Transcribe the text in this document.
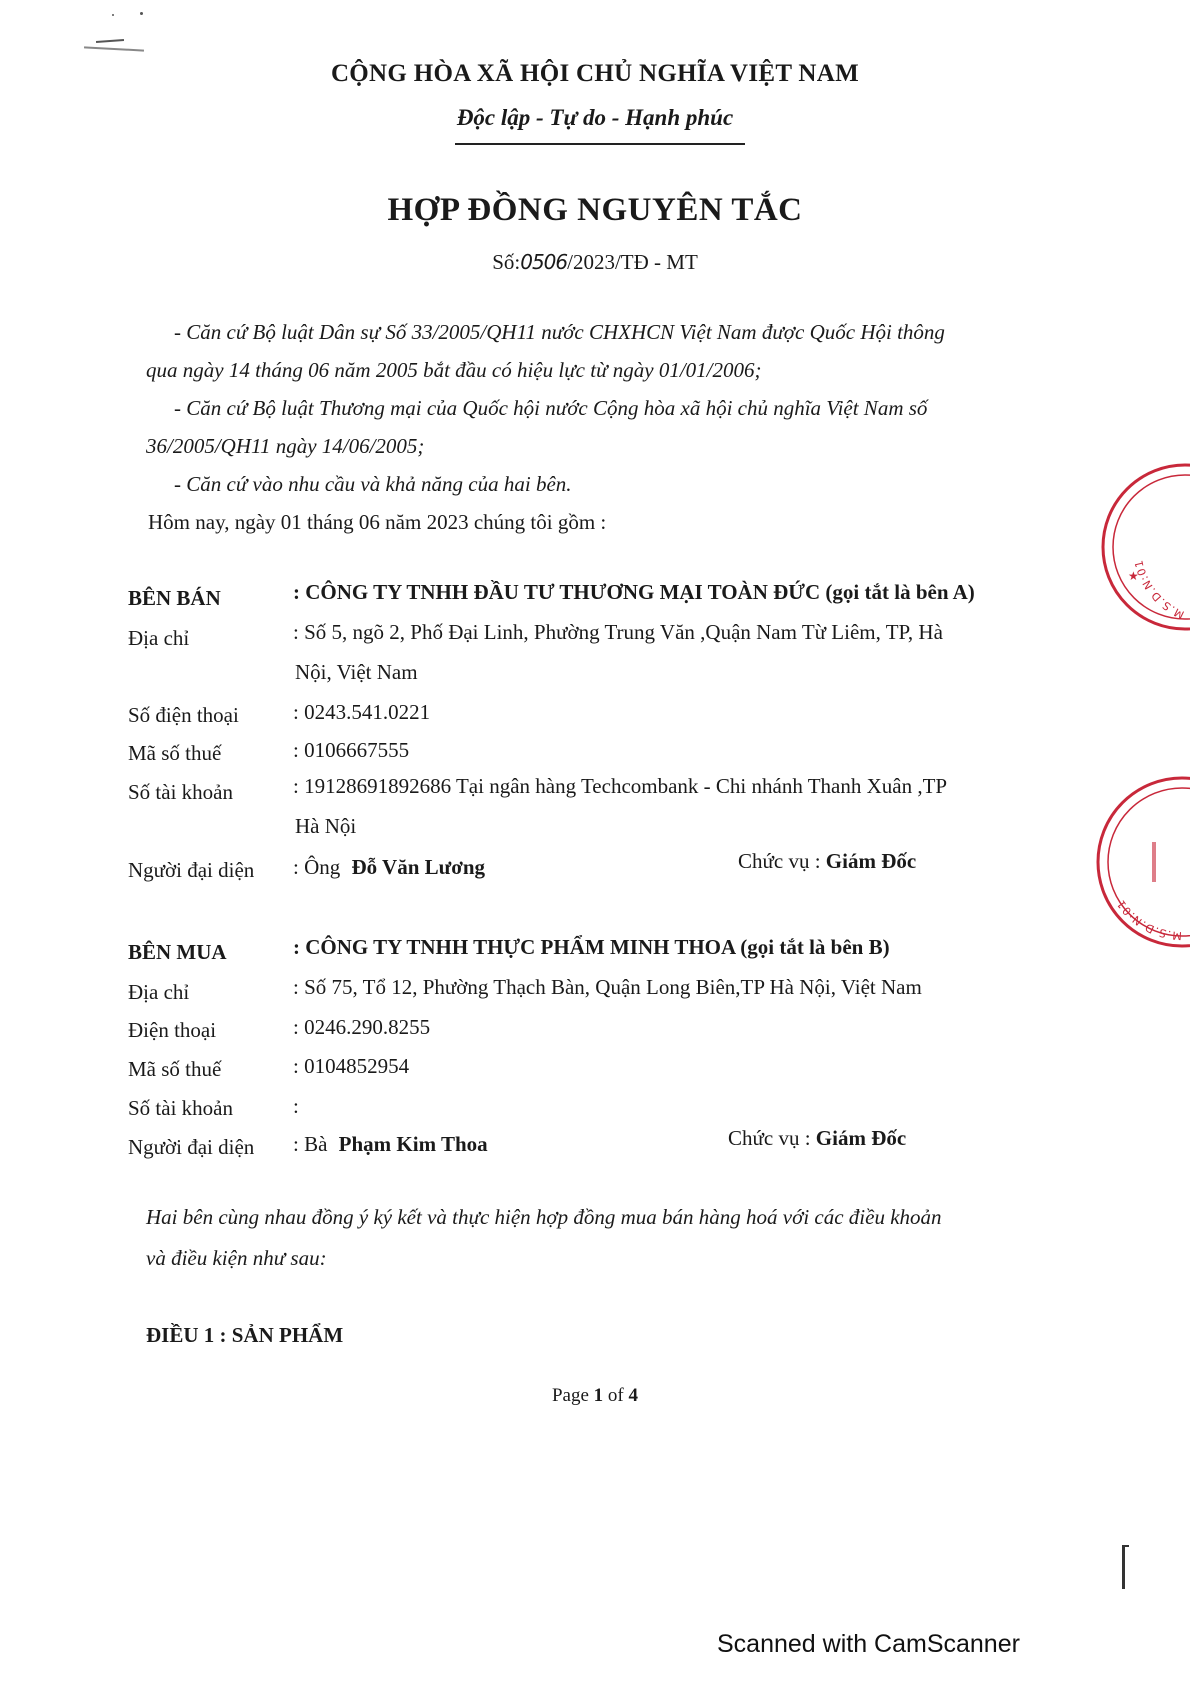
CỘNG HÒA XÃ HỘI CHỦ NGHĨA VIỆT NAM
Độc lập - Tự do - Hạnh phúc
HỢP ĐỒNG NGUYÊN TẮC
Số:0506/2023/TĐ - MT
- Căn cứ Bộ luật Dân sự Số 33/2005/QH11 nước CHXHCN Việt Nam được Quốc Hội thông
qua ngày 14 tháng 06 năm 2005 bắt đầu có hiệu lực từ ngày 01/01/2006;
- Căn cứ Bộ luật Thương mại của Quốc hội nước Cộng hòa xã hội chủ nghĩa Việt Nam số
36/2005/QH11 ngày 14/06/2005;
- Căn cứ vào nhu cầu và khả năng của hai bên.
Hôm nay, ngày 01 tháng 06 năm 2023 chúng tôi gồm :
BÊN BÁN	: CÔNG TY TNHH ĐẦU TƯ THƯƠNG MẠI TOÀN ĐỨC (gọi tắt là bên A)
Địa chỉ	: Số 5, ngõ 2, Phố Đại Linh, Phường Trung Văn ,Quận Nam Từ Liêm, TP, Hà
Nội, Việt Nam
Số điện thoại	: 0243.541.0221
Mã số thuế	: 0106667555
Số tài khoản	: 19128691892686 Tại ngân hàng Techcombank - Chi nhánh Thanh Xuân ,TP
Hà Nội
Người đại diện : Ông Đỗ Văn Lương	Chức vụ : Giám Đốc
BÊN MUA	: CÔNG TY TNHH THỰC PHẨM MINH THOA (gọi tắt là bên B)
Địa chỉ	: Số 75, Tổ 12, Phường Thạch Bàn, Quận Long Biên,TP Hà Nội, Việt Nam
Điện thoại	: 0246.290.8255
Mã số thuế	: 0104852954
Số tài khoản	:
Người đại diện : Bà Phạm Kim Thoa	Chức vụ : Giám Đốc
Hai bên cùng nhau đồng ý ký kết và thực hiện hợp đồng mua bán hàng hoá với các điều khoản
và điều kiện như sau:
ĐIỀU 1 : SẢN PHẨM
Page 1 of 4
M.S.D.N:01
★
M.S.D.N:01
Scanned with CamScanner
